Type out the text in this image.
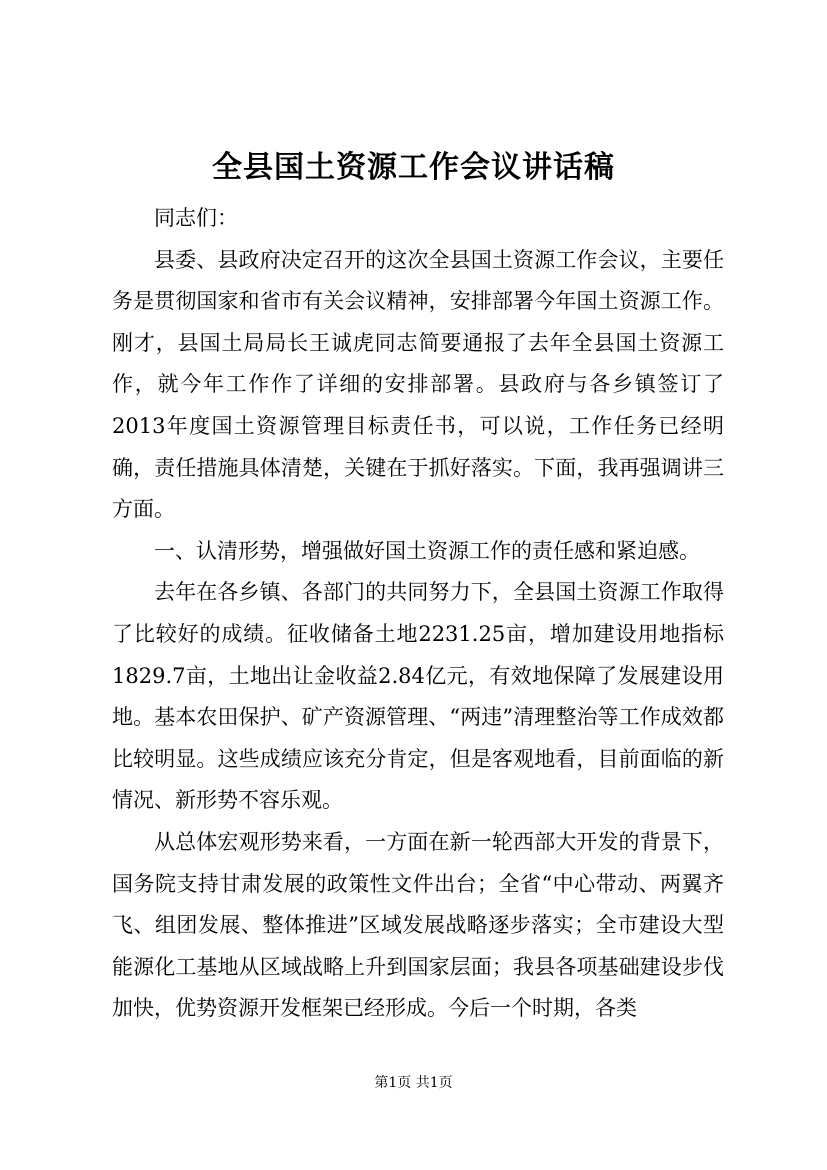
全县国土资源工作会议讲话稿

同志们：

县委、县政府决定召开的这次全县国土资源工作会议，主要任务是贯彻国家和省市有关会议精神，安排部署今年国土资源工作。刚才，县国土局局长王诚虎同志简要通报了去年全县国土资源工作，就今年工作作了详细的安排部署。县政府与各乡镇签订了2013年度国土资源管理目标责任书，可以说，工作任务已经明确，责任措施具体清楚，关键在于抓好落实。下面，我再强调讲三方面。

一、认清形势，增强做好国土资源工作的责任感和紧迫感。

去年在各乡镇、各部门的共同努力下，全县国土资源工作取得了比较好的成绩。征收储备土地2231.25亩，增加建设用地指标1829.7亩，土地出让金收益2.84亿元，有效地保障了发展建设用地。基本农田保护、矿产资源管理、“两违”清理整治等工作成效都比较明显。这些成绩应该充分肯定，但是客观地看，目前面临的新情况、新形势不容乐观。

从总体宏观形势来看，一方面在新一轮西部大开发的背景下，国务院支持甘肃发展的政策性文件出台；全省“中心带动、两翼齐飞、组团发展、整体推进”区域发展战略逐步落实；全市建设大型能源化工基地从区域战略上升到国家层面；我县各项基础建设步伐加快，优势资源开发框架已经形成。今后一个时期，各类

第1页 共1页
